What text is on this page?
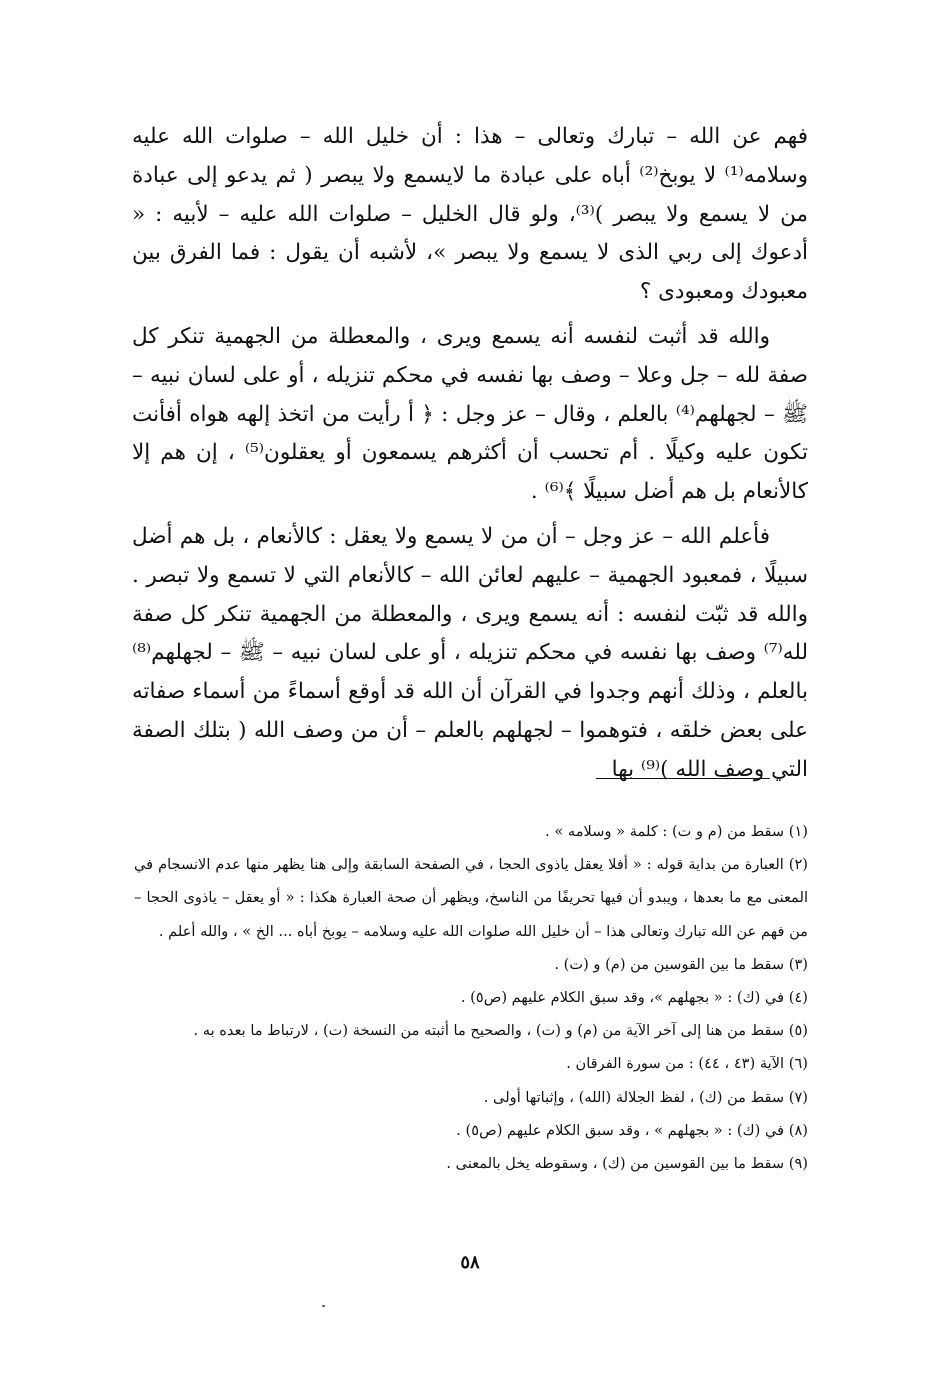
فهم عن الله – تبارك وتعالى – هذا : أن خليل الله – صلوات الله عليه وسلامه⁽¹⁾ لا يوبخ⁽²⁾ أباه على عبادة ما لايسمع ولا يبصر ( ثم يدعو إلى عبادة من لا يسمع ولا يبصر )⁽³⁾، ولو قال الخليل – صلوات الله عليه – لأبيه : « أدعوك إلى ربي الذى لا يسمع ولا يبصر »، لأشبه أن يقول : فما الفرق بين معبودك ومعبودى ؟

والله قد أثبت لنفسه أنه يسمع ويرى ، والمعطلة من الجهمية تنكر كل صفة لله – جل وعلا – وصف بها نفسه في محكم تنزيله ، أو على لسان نبيه – ﷺ – لجهلهم⁽⁴⁾ بالعلم ، وقال – عز وجل : ﴿ أ رأيت من اتخذ إلهه هواه أفأنت تكون عليه وكيلًا . أم تحسب أن أكثرهم يسمعون أو يعقلون⁽⁵⁾ ، إن هم إلا كالأنعام بل هم أضل سبيلًا ﴾⁽⁶⁾ .

فأعلم الله – عز وجل – أن من لا يسمع ولا يعقل : كالأنعام ، بل هم أضل سبيلًا ، فمعبود الجهمية – عليهم لعائن الله – كالأنعام التي لا تسمع ولا تبصر . والله قد ثبّت لنفسه : أنه يسمع ويرى ، والمعطلة من الجهمية تنكر كل صفة لله⁽⁷⁾ وصف بها نفسه في محكم تنزيله ، أو على لسان نبيه – ﷺ – لجهلهم⁽⁸⁾ بالعلم ، وذلك أنهم وجدوا في القرآن أن الله قد أوقع أسماءً من أسماء صفاته على بعض خلقه ، فتوهموا – لجهلهم بالعلم – أن من وصف الله ( بتلك الصفة التي وصف الله )⁽⁹⁾ بها

(١) سقط من (م و ت) : كلمة « وسلامه » .

(٢) العبارة من بداية قوله : « أفلا يعقل ياذوى الحجا ، في الصفحة السابقة وإلى هنا يظهر منها عدم الانسجام في المعنى مع ما بعدها ، ويبدو أن فيها تحريفًا من الناسخ، ويظهر أن صحة العبارة هكذا : « أو يعقل – ياذوى الحجا – من فهم عن الله تبارك وتعالى هذا – أن خليل الله صلوات الله عليه وسلامه – يوبخ أباه ... الخ » ، والله أعلم .

(٣) سقط ما بين القوسين من (م) و (ت) .

(٤) في (ك) : « بجهلهم »، وقد سبق الكلام عليهم (ص٥) .

(٥) سقط من هنا إلى آخر الآية من (م) و (ت) ، والصحيح ما أثبته من النسخة (ت) ، لارتباط ما بعده به .

(٦) الآية (٤٣ ، ٤٤) : من سورة الفرقان .

(٧) سقط من (ك) ، لفظ الجلالة (الله) ، وإثباتها أولى .

(٨) في (ك) : « بجهلهم » ، وقد سبق الكلام عليهم (ص٥) .

(٩) سقط ما بين القوسين من (ك) ، وسقوطه يخل بالمعنى .

٥٨
